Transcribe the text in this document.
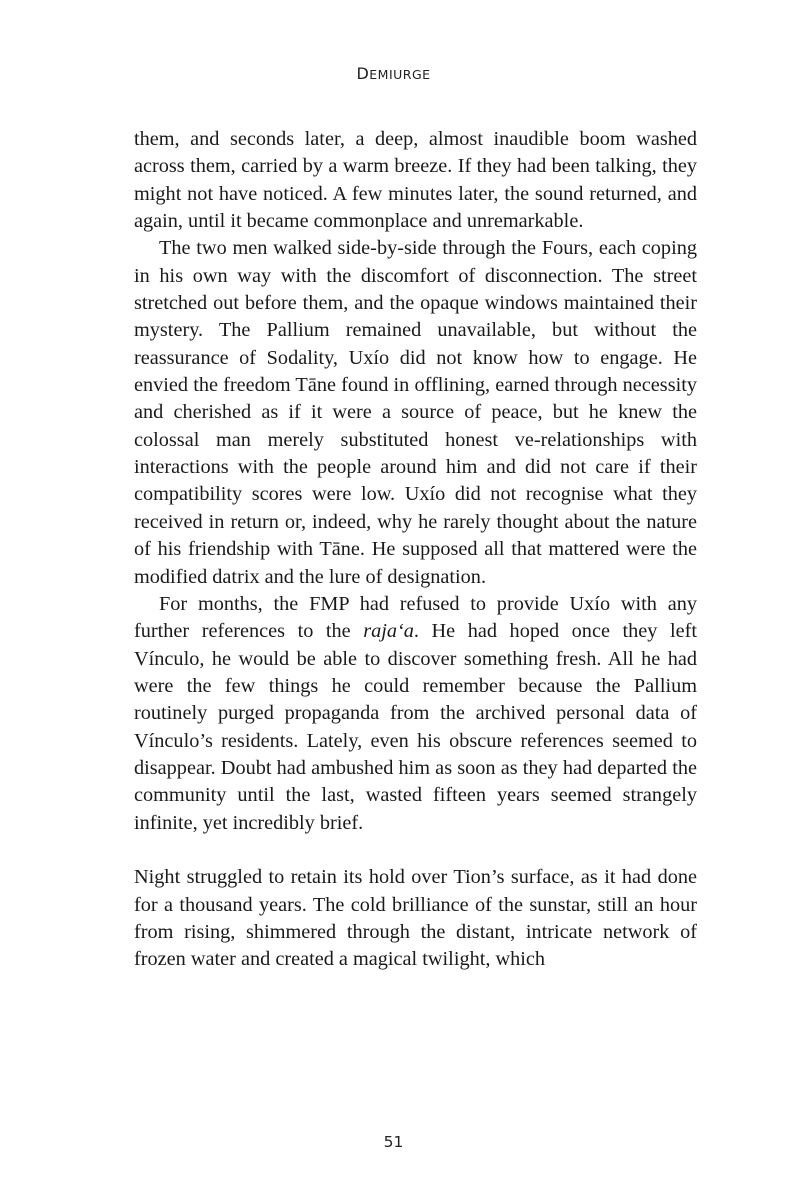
DEMIURGE

them, and seconds later, a deep, almost inaudible boom washed across them, carried by a warm breeze. If they had been talking, they might not have noticed. A few minutes later, the sound returned, and again, until it became commonplace and unremarkable.

The two men walked side-by-side through the Fours, each coping in his own way with the discomfort of disconnection. The street stretched out before them, and the opaque windows maintained their mystery. The Pallium remained unavailable, but without the reassurance of Sodality, Uxío did not know how to engage. He envied the freedom Tāne found in offlining, earned through necessity and cherished as if it were a source of peace, but he knew the colossal man merely substituted honest ve-relationships with interactions with the people around him and did not care if their compatibility scores were low. Uxío did not recognise what they received in return or, indeed, why he rarely thought about the nature of his friendship with Tāne. He supposed all that mattered were the modified datrix and the lure of designation.

For months, the FMP had refused to provide Uxío with any further references to the raja‘a. He had hoped once they left Vínculo, he would be able to discover something fresh. All he had were the few things he could remember because the Pallium routinely purged propaganda from the archived personal data of Vínculo’s residents. Lately, even his obscure references seemed to disappear. Doubt had ambushed him as soon as they had departed the community until the last, wasted fifteen years seemed strangely infinite, yet incredibly brief.

Night struggled to retain its hold over Tion’s surface, as it had done for a thousand years. The cold brilliance of the sunstar, still an hour from rising, shimmered through the distant, intricate network of frozen water and created a magical twilight, which

51
